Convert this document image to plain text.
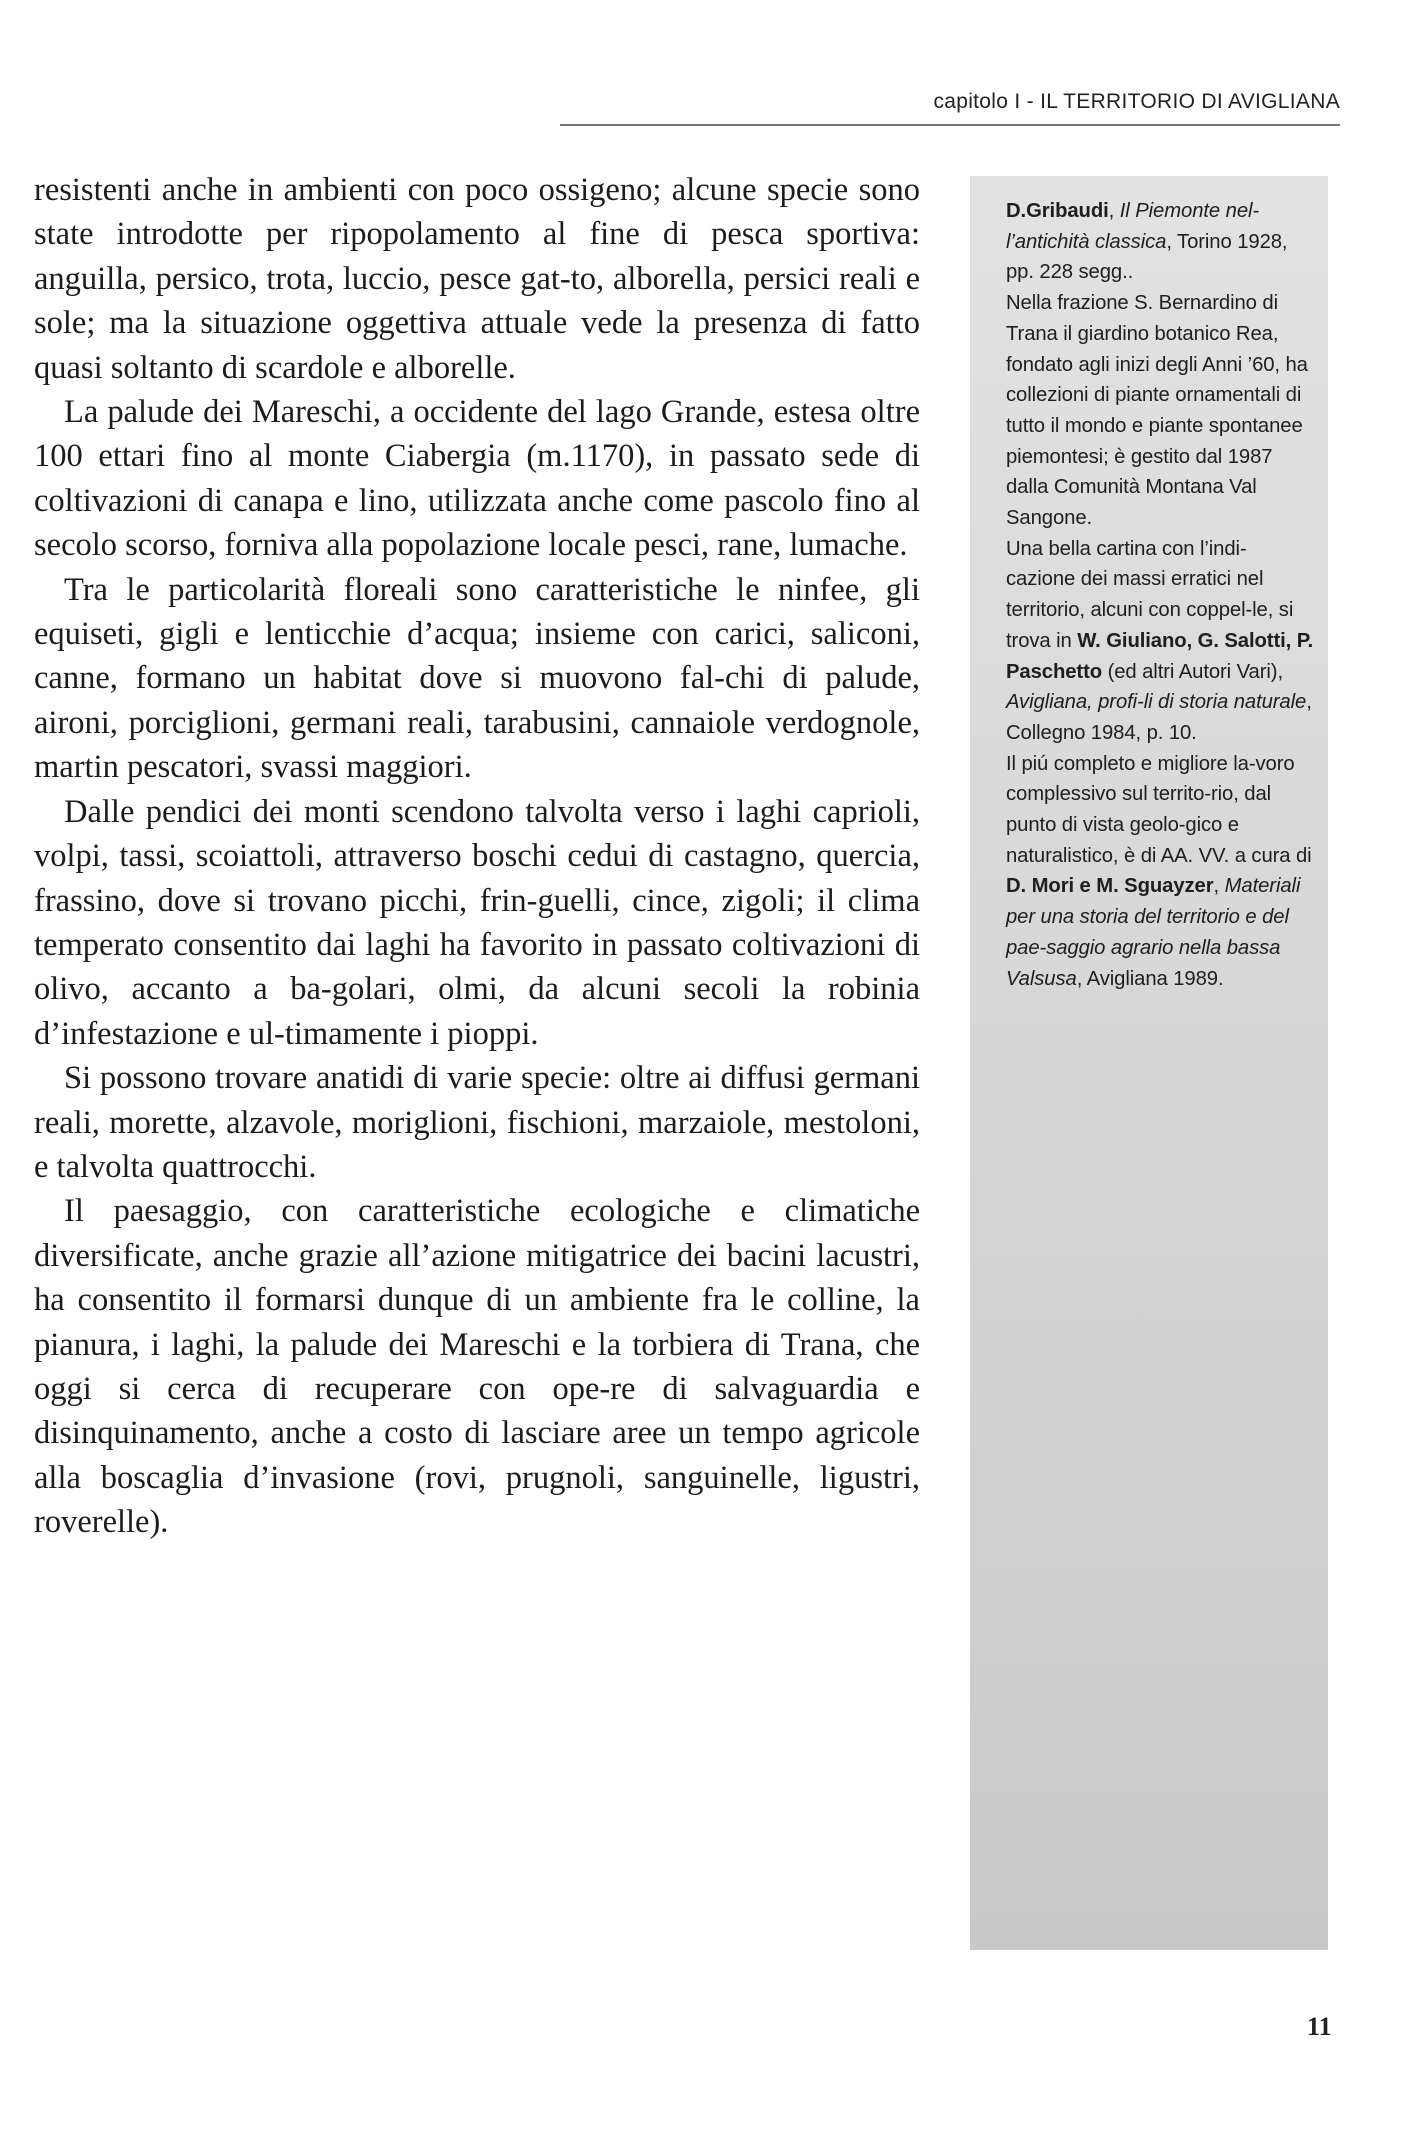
capitolo I - IL TERRITORIO DI AVIGLIANA

resistenti anche in ambienti con poco ossigeno; alcune specie sono state introdotte per ripopolamento al fine di pesca sportiva: anguilla, persico, trota, luccio, pesce gat-to, alborella, persici reali e sole; ma la situazione oggettiva attuale vede la presenza di fatto quasi soltanto di scardole e alborelle.

La palude dei Mareschi, a occidente del lago Grande, estesa oltre 100 ettari fino al monte Ciabergia (m.1170), in passato sede di coltivazioni di canapa e lino, utilizzata anche come pascolo fino al secolo scorso, forniva alla popolazione locale pesci, rane, lumache.

Tra le particolarità floreali sono caratteristiche le ninfee, gli equiseti, gigli e lenticchie d’acqua; insieme con carici, saliconi, canne, formano un habitat dove si muovono fal-chi di palude, aironi, porciglioni, germani reali, tarabusini, cannaiole verdognole, martin pescatori, svassi maggiori.

Dalle pendici dei monti scendono talvolta verso i laghi caprioli, volpi, tassi, scoiattoli, attraverso boschi cedui di castagno, quercia, frassino, dove si trovano picchi, frin-guelli, cince, zigoli; il clima temperato consentito dai laghi ha favorito in passato coltivazioni di olivo, accanto a ba-golari, olmi, da alcuni secoli la robinia d’infestazione e ul-timamente i pioppi.

Si possono trovare anatidi di varie specie: oltre ai diffusi germani reali, morette, alzavole, moriglioni, fischioni, marzaiole, mestoloni, e talvolta quattrocchi.

Il paesaggio, con caratteristiche ecologiche e climatiche diversificate, anche grazie all’azione mitigatrice dei bacini lacustri, ha consentito il formarsi dunque di un ambiente fra le colline, la pianura, i laghi, la palude dei Mareschi e la torbiera di Trana, che oggi si cerca di recuperare con ope-re di salvaguardia e disinquinamento, anche a costo di lasciare aree un tempo agricole alla boscaglia d’invasione (rovi, prugnoli, sanguinelle, ligustri, roverelle).

D.Gribaudi, Il Piemonte nel-l’antichità classica, Torino 1928, pp. 228 segg..

Nella frazione S. Bernardino di Trana il giardino botanico Rea, fondato agli inizi degli Anni ’60, ha collezioni di piante ornamentali di tutto il mondo e piante spontanee piemontesi; è gestito dal 1987 dalla Comunità Montana Val Sangone.

Una bella cartina con l’indi-cazione dei massi erratici nel territorio, alcuni con coppel-le, si trova in W. Giuliano, G. Salotti, P. Paschetto (ed altri Autori Vari), Avigliana, profi-li di storia naturale, Collegno 1984, p. 10.

Il piú completo e migliore la-voro complessivo sul territo-rio, dal punto di vista geolo-gico e naturalistico, è di AA. VV. a cura di D. Mori e M. Sguayzer, Materiali per una storia del territorio e del pae-saggio agrario nella bassa Valsusa, Avigliana 1989.

11
